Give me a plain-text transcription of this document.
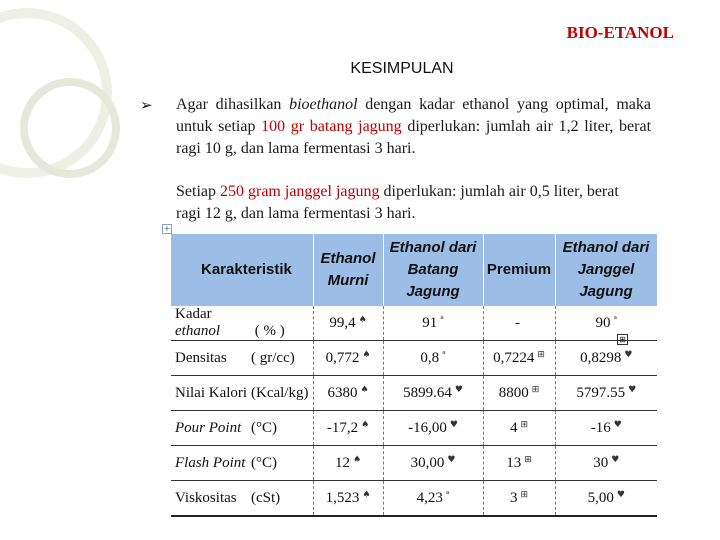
BIO-ETANOL
KESIMPULAN
➢ Agar dihasilkan bioethanol dengan kadar ethanol yang optimal, maka untuk setiap 100 gr batang jagung diperlukan: jumlah air 1,2 liter, berat ragi 10 g, dan lama fermentasi 3 hari.
Setiap 250 gram janggel jagung diperlukan: jumlah air 0,5 liter, berat ragi 12 g, dan lama fermentasi 3 hari.
+
Karakteristik	Ethanol Murni	Ethanol dari Batang Jagung	Premium	Ethanol dari Janggel Jagung
Kadar ethanol ( % )	99,4 ♠	91 $^ᵃ$	-	90 $^ᵃ$
Densitas ( gr/cc)	0,772 ♠	0,8 $^ᵃ$	0,7224 ⊞	0,8298 ♥
Nilai Kalori (Kcal/kg)	6380 ♠	5899.64 ♥	8800 ⊞	5797.55 ♥
Pour Point (°C)	-17,2 ♠	-16,00 ♥	4 ⊞	-16 ♥
Flash Point (°C)	12 ♠	30,00 ♥	13 ⊞	30 ♥
Viskositas (cSt)	1,523 ♠	4,23 $^ᵃ$	3 ⊞	5,00 ♥
⊞
